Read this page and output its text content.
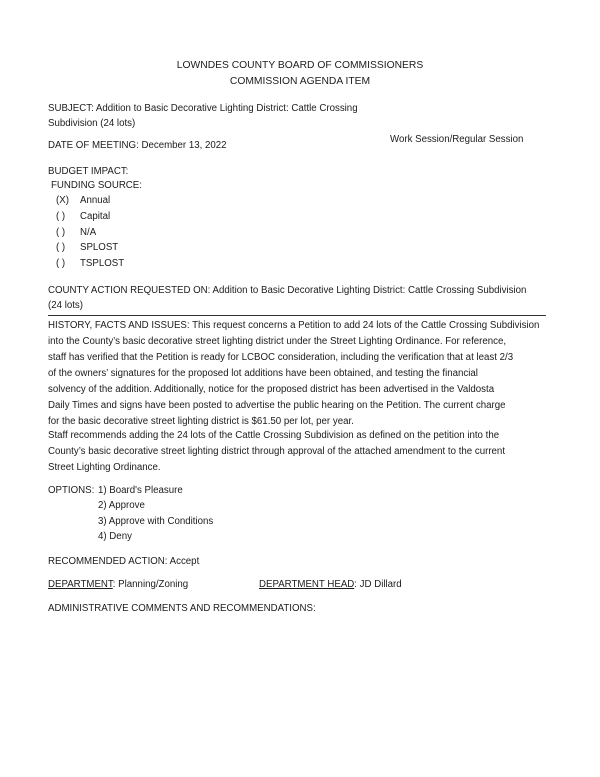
LOWNDES COUNTY BOARD OF COMMISSIONERS
COMMISSION AGENDA ITEM
SUBJECT: Addition to Basic Decorative Lighting District: Cattle Crossing
Subdivision (24 lots)
DATE OF MEETING: December 13, 2022
Work Session/Regular Session
BUDGET IMPACT:
FUNDING SOURCE:
(X) Annual
( ) Capital
( ) N/A
( ) SPLOST
( ) TSPLOST
COUNTY ACTION REQUESTED ON: Addition to Basic Decorative Lighting District: Cattle Crossing Subdivision
(24 lots)
HISTORY, FACTS AND ISSUES: This request concerns a Petition to add 24 lots of the Cattle Crossing Subdivision
into the County’s basic decorative street lighting district under the Street Lighting Ordinance. For reference,
staff has verified that the Petition is ready for LCBOC consideration, including the verification that at least 2/3
of the owners’ signatures for the proposed lot additions have been obtained, and testing the financial
solvency of the addition. Additionally, notice for the proposed district has been advertised in the Valdosta
Daily Times and signs have been posted to advertise the public hearing on the Petition. The current charge
for the basic decorative street lighting district is $61.50 per lot, per year.
Staff recommends adding the 24 lots of the Cattle Crossing Subdivision as defined on the petition into the
County’s basic decorative street lighting district through approval of the attached amendment to the current
Street Lighting Ordinance.
OPTIONS: 1) Board's Pleasure
2) Approve
3) Approve with Conditions
4) Deny
RECOMMENDED ACTION: Accept
DEPARTMENT: Planning/Zoning	DEPARTMENT HEAD: JD Dillard
ADMINISTRATIVE COMMENTS AND RECOMMENDATIONS:
